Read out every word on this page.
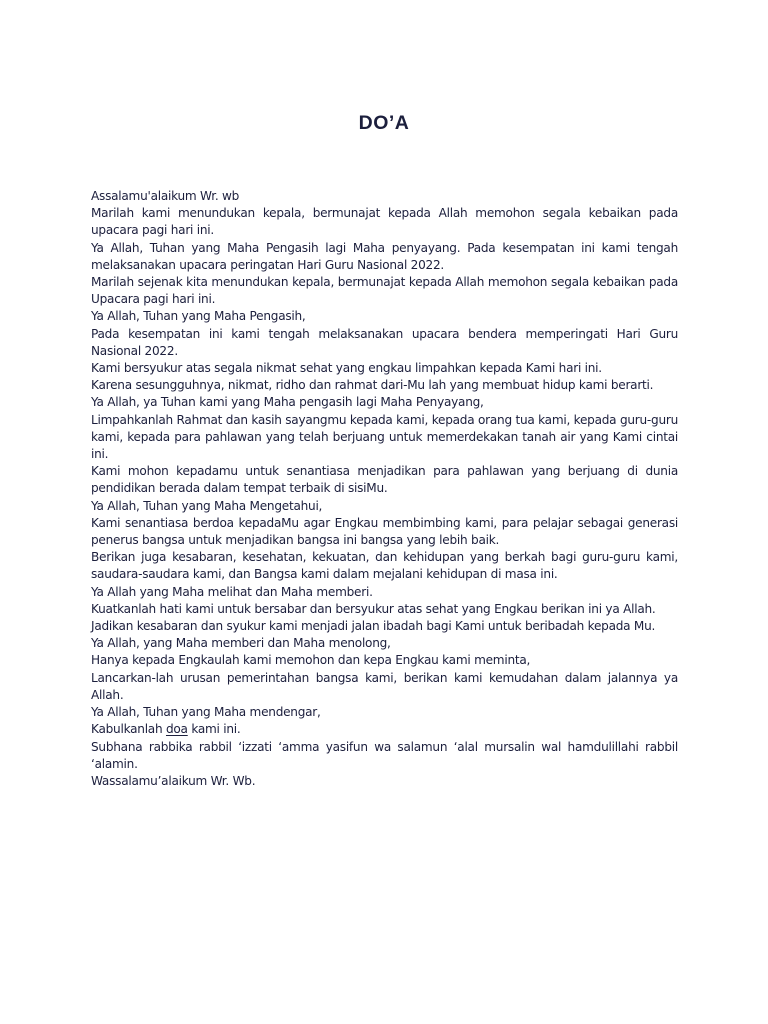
DO’A

Assalamu'alaikum Wr. wb

Marilah kami menundukan kepala, bermunajat kepada Allah memohon segala kebaikan pada upacara pagi hari ini.

Ya Allah, Tuhan yang Maha Pengasih lagi Maha penyayang. Pada kesempatan ini kami tengah melaksanakan upacara peringatan Hari Guru Nasional 2022.

Marilah sejenak kita menundukan kepala, bermunajat kepada Allah memohon segala kebaikan pada Upacara pagi hari ini.

Ya Allah, Tuhan yang Maha Pengasih,

Pada kesempatan ini kami tengah melaksanakan upacara bendera memperingati Hari Guru Nasional 2022.

Kami bersyukur atas segala nikmat sehat yang engkau limpahkan kepada Kami hari ini.

Karena sesungguhnya, nikmat, ridho dan rahmat dari-Mu lah yang membuat hidup kami berarti.

Ya Allah, ya Tuhan kami yang Maha pengasih lagi Maha Penyayang,

Limpahkanlah Rahmat dan kasih sayangmu kepada kami, kepada orang tua kami, kepada guru-guru kami, kepada para pahlawan yang telah berjuang untuk memerdekakan tanah air yang Kami cintai ini.

Kami mohon kepadamu untuk senantiasa menjadikan para pahlawan yang berjuang di dunia pendidikan berada dalam tempat terbaik di sisiMu.

Ya Allah, Tuhan yang Maha Mengetahui,

Kami senantiasa berdoa kepadaMu agar Engkau membimbing kami, para pelajar sebagai generasi penerus bangsa untuk menjadikan bangsa ini bangsa yang lebih baik.

Berikan juga kesabaran, kesehatan, kekuatan, dan kehidupan yang berkah bagi guru-guru kami, saudara-saudara kami, dan Bangsa kami dalam mejalani kehidupan di masa ini.

Ya Allah yang Maha melihat dan Maha memberi.

Kuatkanlah hati kami untuk bersabar dan bersyukur atas sehat yang Engkau berikan ini ya Allah.

Jadikan kesabaran dan syukur kami menjadi jalan ibadah bagi Kami untuk beribadah kepada Mu.

Ya Allah, yang Maha memberi dan Maha menolong,

Hanya kepada Engkaulah kami memohon dan kepa Engkau kami meminta,

Lancarkan-lah urusan pemerintahan bangsa kami, berikan kami kemudahan dalam jalannya ya Allah.

Ya Allah, Tuhan yang Maha mendengar,

Kabulkanlah doa kami ini.

Subhana rabbika rabbil ‘izzati ‘amma yasifun wa salamun ‘alal mursalin wal hamdulillahi rabbil ‘alamin.

Wassalamu’alaikum Wr. Wb.
